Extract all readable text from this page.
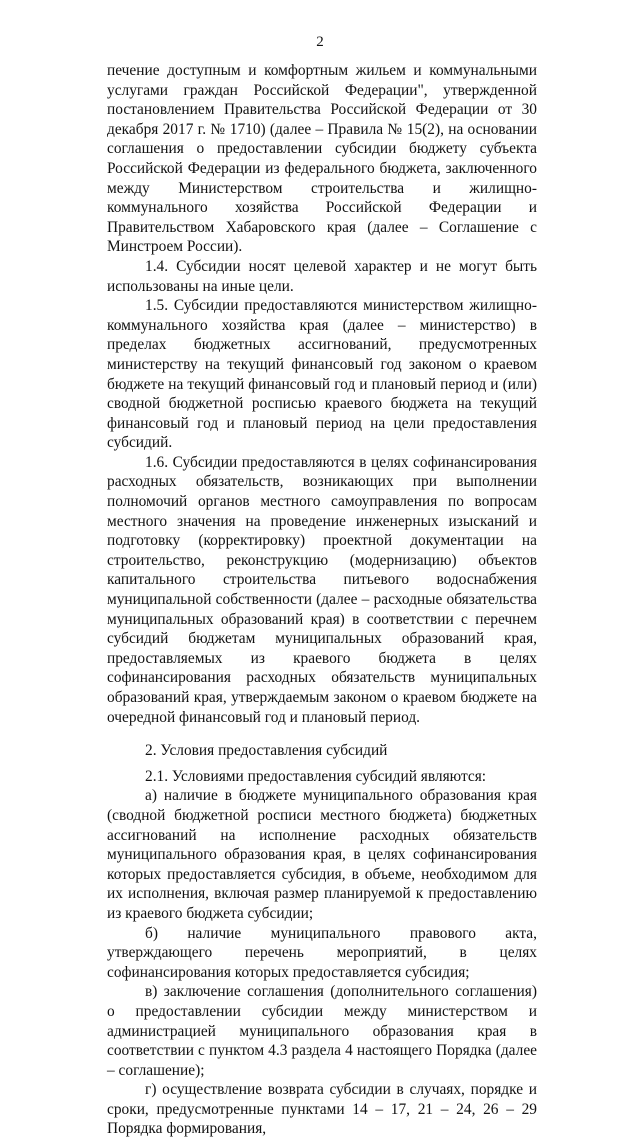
2

печение доступным и комфортным жильем и коммунальными услугами граждан Российской Федерации", утвержденной постановлением Правительства Российской Федерации от 30 декабря 2017 г. № 1710) (далее – Правила № 15(2), на основании соглашения о предоставлении субсидии бюджету субъекта Российской Федерации из федерального бюджета, заключенного между Министерством строительства и жилищно-коммунального хозяйства Российской Федерации и Правительством Хабаровского края (далее – Соглашение с Минстроем России).

1.4. Субсидии носят целевой характер и не могут быть использованы на иные цели.

1.5. Субсидии предоставляются министерством жилищно-коммунального хозяйства края (далее – министерство) в пределах бюджетных ассигнований, предусмотренных министерству на текущий финансовый год законом о краевом бюджете на текущий финансовый год и плановый период и (или) сводной бюджетной росписью краевого бюджета на текущий финансовый год и плановый период на цели предоставления субсидий.

1.6. Субсидии предоставляются в целях софинансирования расходных обязательств, возникающих при выполнении полномочий органов местного самоуправления по вопросам местного значения на проведение инженерных изысканий и подготовку (корректировку) проектной документации на строительство, реконструкцию (модернизацию) объектов капитального строительства питьевого водоснабжения муниципальной собственности (далее – расходные обязательства муниципальных образований края) в соответствии с перечнем субсидий бюджетам муниципальных образований края, предоставляемых из краевого бюджета в целях софинансирования расходных обязательств муниципальных образований края, утверждаемым законом о краевом бюджете на очередной финансовый год и плановый период.

2. Условия предоставления субсидий

2.1. Условиями предоставления субсидий являются:

а) наличие в бюджете муниципального образования края (сводной бюджетной росписи местного бюджета) бюджетных ассигнований на исполнение расходных обязательств муниципального образования края, в целях софинансирования которых предоставляется субсидия, в объеме, необходимом для их исполнения, включая размер планируемой к предоставлению из краевого бюджета субсидии;

б) наличие муниципального правового акта, утверждающего перечень мероприятий, в целях софинансирования которых предоставляется субсидия;

в) заключение соглашения (дополнительного соглашения) о предоставлении субсидии между министерством и администрацией муниципального образования края в соответствии с пунктом 4.3 раздела 4 настоящего Порядка (далее – соглашение);

г) осуществление возврата субсидии в случаях, порядке и сроки, предусмотренные пунктами 14 – 17, 21 – 24, 26 – 29 Порядка формирования,
